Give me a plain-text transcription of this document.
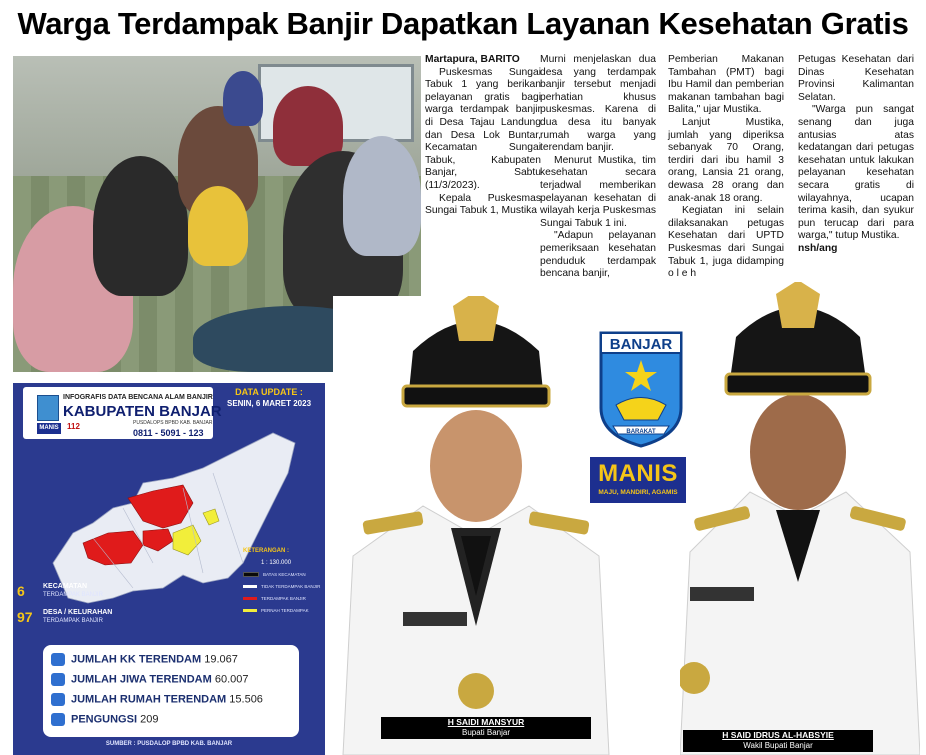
Warga Terdampak Banjir Dapatkan Layanan Kesehatan Gratis
INFOGRAFIS DATA BENCANA ALAM BANJIR
KABUPATEN BANJAR
MANIS 112	PUSDALOPS BPBD KAB. BANJAR
0811 - 5091 - 123
DATA UPDATE :
SENIN, 6 MARET 2023
KETERANGAN :
1 : 130.000
BATAS KECAMATAN
TIDAK TERDAMPAK BANJIR
TERDAMPAK BANJIR
PERNAH TERDAMPAK
6	KECAMATAN
TERDAMPAK BANJIR
97 DESA / KELURAHAN
TERDAMPAK BANJIR
JUMLAH KK TERENDAM 19.067
JUMLAH JIWA TERENDAM 60.007
JUMLAH RUMAH TERENDAM 15.506
PENGUNGSI 209
SUMBER : PUSDALOP BPBD KAB. BANJAR

Martapura, BARITO

Puskesmas Sungai Tabuk 1 yang berikan pelayanan gratis bagi warga terdampak banjir di Desa Tajau Landung dan Desa Lok Buntar, Kecamatan Sungai Tabuk, Kabupaten Banjar, Sabtu (11/3/2023).

Kepala Puskesmas Sungai Tabuk 1, Mustika

Murni menjelaskan dua desa yang terdampak banjir tersebut menjadi perhatian khusus puskesmas. Karena di dua desa itu banyak rumah warga yang terendam banjir.

Menurut Mustika, tim kesehatan secara terjadwal memberikan pelayanan kesehatan di wilayah kerja Puskesmas Sungai Tabuk 1 ini.

"Adapun pelayanan pemeriksaan kesehatan penduduk terdampak bencana banjir,

Pemberian Makanan Tambahan (PMT) bagi Ibu Hamil dan pemberian makanan tambahan bagi Balita," ujar Mustika.

Lanjut Mustika, jumlah yang diperiksa sebanyak 70 Orang, terdiri dari ibu hamil 3 orang, Lansia 21 orang, dewasa 28 orang dan anak-anak 18 orang.

Kegiatan ini selain dilaksanakan petugas Kesehatan dari UPTD Puskesmas dari Sungai Tabuk 1, juga didamping o l e h

Petugas Kesehatan dari Dinas Kesehatan Provinsi Kalimantan Selatan.

"Warga pun sangat senang dan juga antusias atas kedatangan dari petugas kesehatan untuk lakukan pelayanan kesehatan secara gratis di wilayahnya, ucapan terima kasih, dan syukur pun terucap dari para warga," tutup Mustika.

nsh/ang

H SAIDI MANSYUR
Bupati Banjar	H SAID IDRUS AL-HABSYIE
Wakil Bupati Banjar
BANJAR
BARAKAT
MANIS
MAJU, MANDIRI, AGAMIS
